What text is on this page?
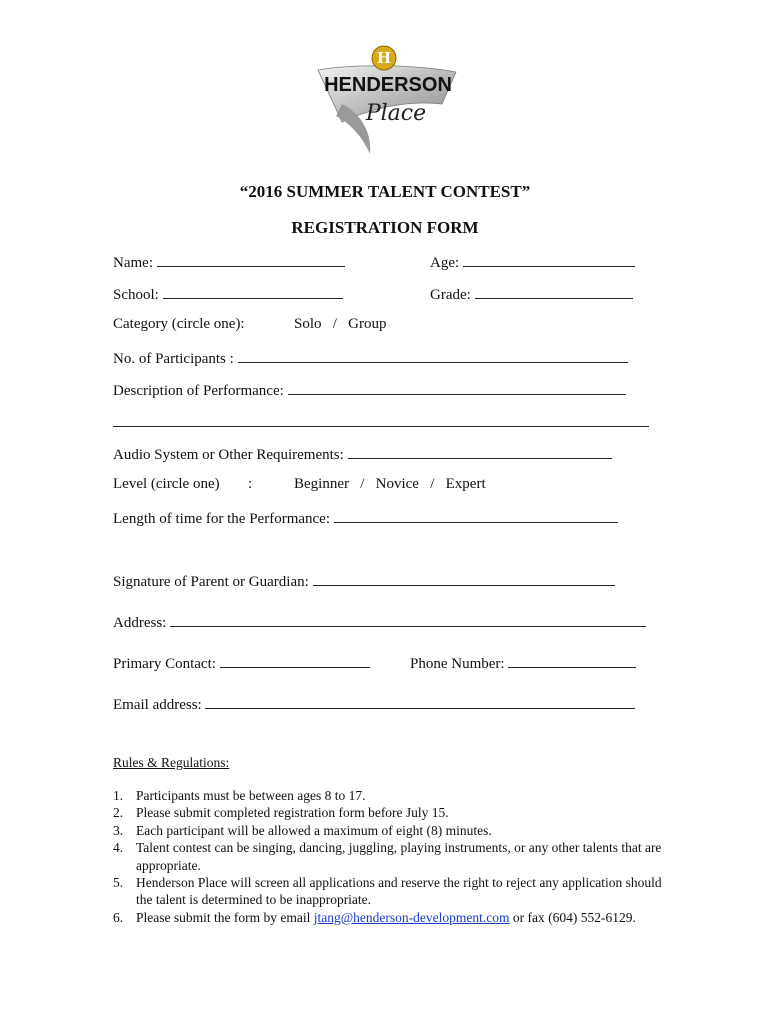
H
HENDERSON
Place
“2016 SUMMER TALENT CONTEST”
REGISTRATION FORM
Name:	Age:
School:	Grade:
Category (circle one):	Solo   /   Group
No. of Participants :
Description of Performance:
Audio System or Other Requirements:
Level (circle one) :	Beginner   /   Novice   /   Expert
Length of time for the Performance:
Signature of Parent or Guardian:
Address:
Primary Contact:	Phone Number:
Email address:
Rules & Regulations:
1. Participants must be between ages 8 to 17.
2. Please submit completed registration form before July 15.
3. Each participant will be allowed a maximum of eight (8) minutes.
4. Talent contest can be singing, dancing, juggling, playing instruments, or any other talents that are appropriate.
5. Henderson Place will screen all applications and reserve the right to reject any application should the talent is determined to be inappropriate.
6. Please submit the form by email jtang@henderson-development.com or fax (604) 552-6129.
